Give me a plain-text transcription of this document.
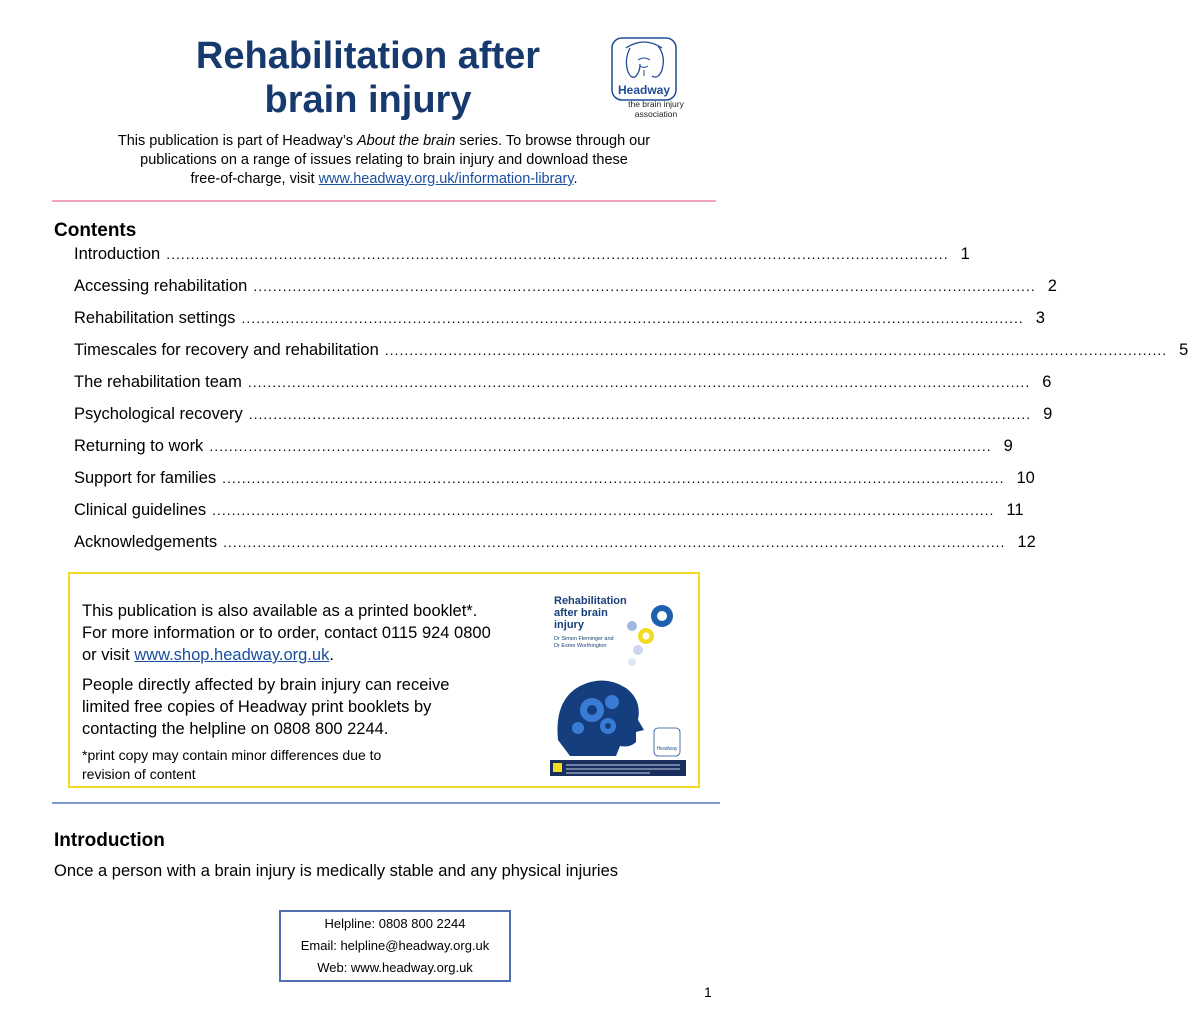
Rehabilitation after
brain injury	Headway
the brain injury association
This publication is part of Headway’s About the brain series. To browse through our
publications on a range of issues relating to brain injury and download these
free-of-charge, visit www.headway.org.uk/information-library.
Contents
Introduction ................................................................................................................................................................ 1
Accessing rehabilitation ................................................................................................................................................................ 2
Rehabilitation settings ................................................................................................................................................................ 3
Timescales for recovery and rehabilitation ................................................................................................................................................................ 5
The rehabilitation team ................................................................................................................................................................ 6
Psychological recovery ................................................................................................................................................................ 9
Returning to work ................................................................................................................................................................ 9
Support for families ................................................................................................................................................................ 10
Clinical guidelines ................................................................................................................................................................ 11
Acknowledgements ................................................................................................................................................................ 12
This publication is also available as a printed booklet*.
For more information or to order, contact 0115 924 0800
or visit www.shop.headway.org.uk.
People directly affected by brain injury can receive
limited free copies of Headway print booklets by
contacting the helpline on 0808 800 2244.
*print copy may contain minor differences due to
revision of content
Rehabilitation
after brain
injury
Dr Simon Fleminger and
Dr Esme Worthington
Headway
Introduction
Once a person with a brain injury is medically stable and any physical injuries
Helpline: 0808 800 2244
Email: helpline@headway.org.uk
Web: www.headway.org.uk
1
